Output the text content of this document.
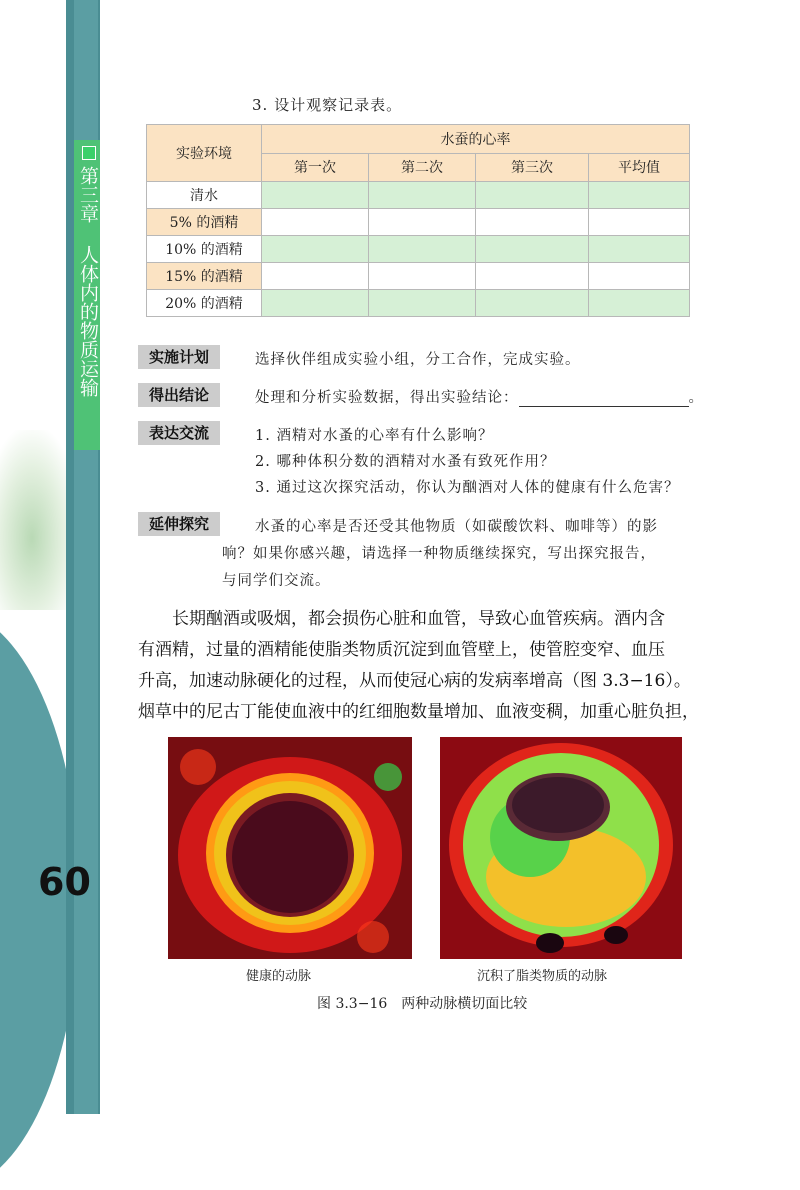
第三章 人体内的物质运输
60
3. 设计观察记录表。
实验环境	水蚕的心率			
	第一次	第二次	第三次	平均值
清水				
5% 的酒精				
10% 的酒精				
15% 的酒精				
20% 的酒精				
实施计划	选择伙伴组成实验小组，分工合作，完成实验。
得出结论	处理和分析实验数据，得出实验结论：	。
表达交流	1. 酒精对水蚤的心率有什么影响？
2. 哪种体积分数的酒精对水蚤有致死作用？
3. 通过这次探究活动，你认为酗酒对人体的健康有什么危害？
延伸探究	水蚤的心率是否还受其他物质（如碳酸饮料、咖啡等）的影
响？如果你感兴趣，请选择一种物质继续探究，写出探究报告，
与同学们交流。
长期酗酒或吸烟，都会损伤心脏和血管，导致心血管疾病。酒内含
有酒精，过量的酒精能使脂类物质沉淀到血管壁上，使管腔变窄、血压
升高，加速动脉硬化的过程，从而使冠心病的发病率增高（图 3.3−16）。
烟草中的尼古丁能使血液中的红细胞数量增加、血液变稠，加重心脏负担，
健康的动脉	沉积了脂类物质的动脉
图 3.3−16　两种动脉横切面比较
